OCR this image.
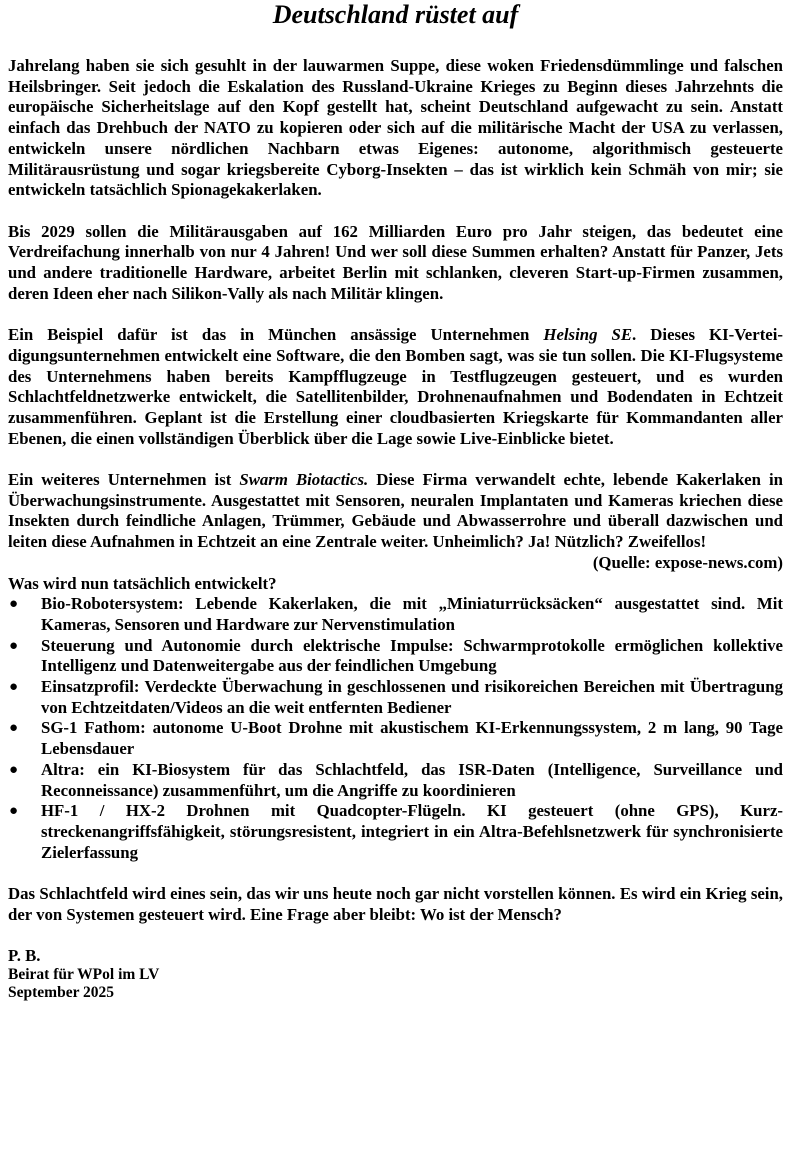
Deutschland rüstet auf

Jahrelang haben sie sich gesuhlt in der lauwarmen Suppe, diese woken Friedensdümmlinge und falschen Heilsbringer. Seit jedoch die Eskalation des Russland-Ukraine Krieges zu Beginn dieses Jahrzehnts die europäische Sicherheitslage auf den Kopf gestellt hat, scheint Deutschland aufgewacht zu sein. Anstatt einfach das Drehbuch der NATO zu kopieren oder sich auf die militärische Macht der USA zu verlassen, entwickeln unsere nördlichen Nachbarn etwas Eigenes: autonome, algorithmisch gesteuerte Militärausrüstung und sogar kriegsbereite Cyborg-Insekten – das ist wirklich kein Schmäh von mir; sie entwickeln tatsächlich Spionagekakerlaken.

Bis 2029 sollen die Militärausgaben auf 162 Milliarden Euro pro Jahr steigen, das bedeutet eine Verdreifachung innerhalb von nur 4 Jahren! Und wer soll diese Summen erhalten? Anstatt für Panzer, Jets und andere traditionelle Hardware, arbeitet Berlin mit schlanken, cleveren Start-up-Firmen zusammen, deren Ideen eher nach Silikon-Vally als nach Militär klingen.

Ein Beispiel dafür ist das in München ansässige Unternehmen Helsing SE. Dieses KI-Verteidigungsunternehmen entwickelt eine Software, die den Bomben sagt, was sie tun sollen. Die KI-Flugsysteme des Unternehmens haben bereits Kampfflugzeuge in Testflugzeugen gesteuert, und es wurden Schlachtfeldnetzwerke entwickelt, die Satellitenbilder, Drohnenaufnahmen und Bodendaten in Echtzeit zusammenführen. Geplant ist die Erstellung einer cloudbasierten Kriegskarte für Kommandanten aller Ebenen, die einen vollständigen Überblick über die Lage sowie Live-Einblicke bietet.

Ein weiteres Unternehmen ist Swarm Biotactics. Diese Firma verwandelt echte, lebende Kakerlaken in Überwachungsinstrumente. Ausgestattet mit Sensoren, neuralen Implantaten und Kameras kriechen diese Insekten durch feindliche Anlagen, Trümmer, Gebäude und Abwasserrohre und überall dazwischen und leiten diese Aufnahmen in Echtzeit an eine Zentrale weiter. Unheimlich? Ja! Nützlich? Zweifellos!
(Quelle: expose-news.com)

Was wird nun tatsächlich entwickelt?
● Bio-Robotersystem: Lebende Kakerlaken, die mit „Miniaturrücksäcken“ ausgestattet sind. Mit Kameras, Sensoren und Hardware zur Nervenstimulation
● Steuerung und Autonomie durch elektrische Impulse: Schwarmprotokolle ermöglichen kollektive Intelligenz und Datenweitergabe aus der feindlichen Umgebung
● Einsatzprofil: Verdeckte Überwachung in geschlossenen und risikoreichen Bereichen mit Übertragung von Echtzeitdaten/Videos an die weit entfernten Bediener
● SG-1 Fathom: autonome U-Boot Drohne mit akustischem KI-Erkennungssystem, 2 m lang, 90 Tage Lebensdauer
● Altra: ein KI-Biosystem für das Schlachtfeld, das ISR-Daten (Intelligence, Surveillance und Reconneissance) zusammenführt, um die Angriffe zu koordinieren
● HF-1 / HX-2 Drohnen mit Quadcopter-Flügeln. KI gesteuert (ohne GPS), Kurzstreckenangriffsfähigkeit, störungsresistent, integriert in ein Altra-Befehlsnetzwerk für synchronisierte Zielerfassung

Das Schlachtfeld wird eines sein, das wir uns heute noch gar nicht vorstellen können. Es wird ein Krieg sein, der von Systemen gesteuert wird. Eine Frage aber bleibt: Wo ist der Mensch?

P. B.
Beirat für WPol im LV
September 2025
